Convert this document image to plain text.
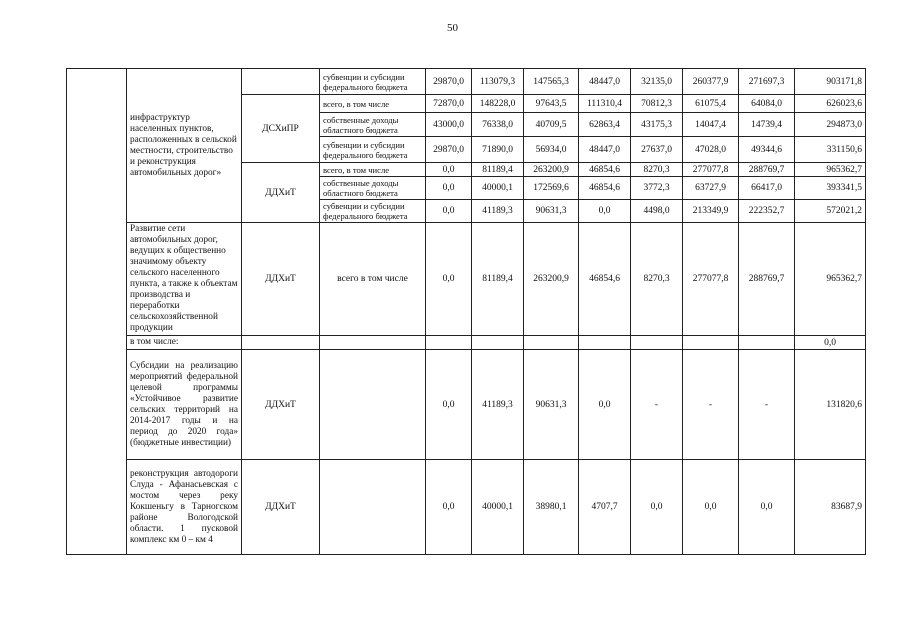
50
	инфраструктур населенных пунктов, расположенных в сельской местности, строительство и реконструкция автомобильных дорог»		субвенции и субсидии федерального бюджета	29870,0	113079,3	147565,3	48447,0	32135,0	260377,9	271697,3	903171,8
		ДСХиПР	всего, в том числе	72870,0	148228,0	97643,5	111310,4	70812,3	61075,4	64084,0	626023,6
			собственные доходы областного бюджета	43000,0	76338,0	40709,5	62863,4	43175,3	14047,4	14739,4	294873,0
			субвенции и субсидии федерального бюджета	29870,0	71890,0	56934,0	48447,0	27637,0	47028,0	49344,6	331150,6
		ДДХиТ	всего, в том числе	0,0	81189,4	263200,9	46854,6	8270,3	277077,8	288769,7	965362,7
			собственные доходы областного бюджета	0,0	40000,1	172569,6	46854,6	3772,3	63727,9	66417,0	393341,5
			субвенции и субсидии федерального бюджета	0,0	41189,3	90631,3	0,0	4498,0	213349,9	222352,7	572021,2
	Развитие сети автомобильных дорог, ведущих к общественно значимому объекту сельского населенного пункта, а также к объектам производства и переработки сельскохозяйственной продукции	ДДХиТ	всего в том числе	0,0	81189,4	263200,9	46854,6	8270,3	277077,8	288769,7	965362,7
	в том числе:										0,0
	Субсидии на реализацию мероприятий федеральной целевой программы «Устойчивое развитие сельских территорий на 2014-2017 годы и на период до 2020 года» (бюджетные инвестиции)	ДДХиТ		0,0	41189,3	90631,3	0,0	-	-	-	131820,6
	реконструкция автодороги Слуда - Афанасьевская с мостом через реку Кокшеньгу в Тарногском районе Вологодской области. 1 пусковой комплекс км 0 – км 4	ДДХиТ		0,0	40000,1	38980,1	4707,7	0,0	0,0	0,0	83687,9
